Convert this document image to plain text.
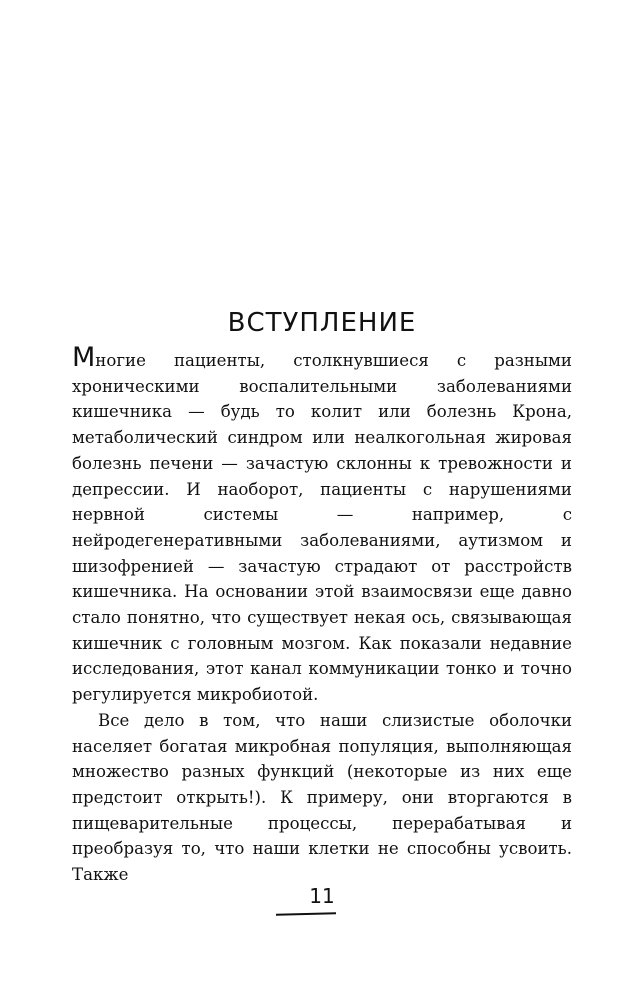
ВСТУПЛЕНИЕ

Многие пациенты, столкнувшиеся с разными хроническими воспалительными заболеваниями кишечника — будь то колит или болезнь Крона, метаболический синдром или неалкогольная жировая болезнь печени — зачастую склонны к тревожности и депрессии. И наоборот, пациенты с нарушениями нервной системы — например, с нейродегенеративными заболеваниями, аутизмом и шизофренией — зачастую страдают от расстройств кишечника. На основании этой взаимосвязи еще давно стало понятно, что существует некая ось, связывающая кишечник с головным мозгом. Как показали недавние исследования, этот канал коммуникации тонко и точно регулируется микробиотой.

Все дело в том, что наши слизистые оболочки населяет богатая микробная популяция, выполняющая множество разных функций (некоторые из них еще предстоит открыть!). К примеру, они вторгаются в пищеварительные процессы, перерабатывая и преобразуя то, что наши клетки не способны усвоить. Также

11
